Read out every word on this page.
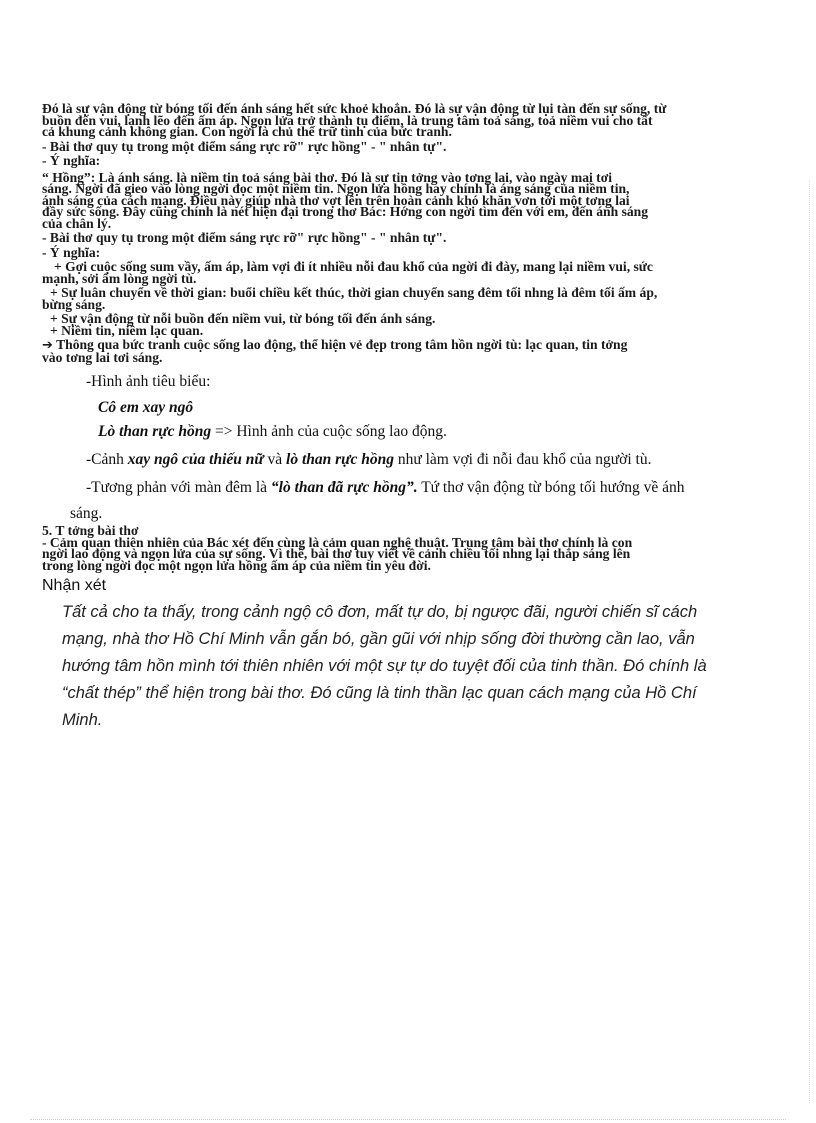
Đó là sự vận động từ bóng tối đến ánh sáng hết sức khoẻ khoắn. Đó là sự vận động từ lụi tàn đến sự sống, từ

buồn đến vui, lạnh lẽo đến ấm áp. Ngọn lửa trở thành tụ điểm, là trung tâm toả sáng, toả niềm vui cho tất

cả khung cảnh không gian. Con ngời là chủ thể trữ tình của bức tranh.

- Bài thơ quy tụ trong một điểm sáng rực rỡ" rực hồng" - " nhân tự".

- Ý nghĩa:

“ Hồng”: Là ánh sáng. là niềm tin toả sáng bài thơ. Đó là sự tin tởng vào tơng lai, vào ngày mai tơi

sáng. Ngời đã gieo vào lòng ngời đọc một niềm tin. Ngọn lửa hồng hay chính là áng sáng của niềm tin,

ánh sáng của cách mạng. Điều này giúp nhà thơ vợt lên trên hoàn cảnh khó khăn vơn tới một tơng lai

đầy sức sống. Đây cũng chính là nét hiện đại trong thơ Bác: Hớng con ngời tìm đến với em, đến ánh sáng

của chân lý.

- Bài thơ quy tụ trong một điểm sáng rực rỡ" rực hồng" - " nhân tự".

- Ý nghĩa:

+ Gợi cuộc sống sum vầy, ấm áp, làm vợi đi ít nhiều nỗi đau khổ của ngời đi đày, mang lại niềm vui, sức

mạnh, sởi ấm lòng ngời tù.

+ Sự luân chuyển về thời gian: buổi chiều kết thúc, thời gian chuyển sang đêm tối nhng là đêm tối ấm áp,

bừng sáng.

+ Sự vận động từ nỗi buồn đến niềm vui, từ bóng tối đến ánh sáng.

+ Niềm tin, niềm lạc quan.

➔ Thông qua bức tranh cuộc sống lao động, thể hiện vẻ đẹp trong tâm hồn ngời tù: lạc quan, tin tởng

vào tơng lai tơi sáng.

-Hình ảnh tiêu biểu:

Cô em xay ngô

Lò than rực hồng => Hình ảnh của cuộc sống lao động.

-Cảnh xay ngô của thiếu nữ và lò than rực hồng như làm vợi đi nỗi đau khổ của người tù.

-Tương phản với màn đêm là “lò than đã rực hồng”. Tứ thơ vận động từ bóng tối hướng về ánh

sáng.

5. T tởng bài thơ

- Cảm quan thiên nhiên của Bác xét đến cùng là cảm quan nghệ thuật. Trung tâm bài thơ chính là con

ngời lao động và ngọn lửa của sự sống. Vì thế, bài thơ tuy viết về cảnh chiều tối nhng lại thắp sáng lên

trong lòng ngời đọc một ngọn lửa hồng ấm áp của niềm tin yêu đời.

Nhận xét
Tất cả cho ta thấy, trong cảnh ngộ cô đơn, mất tự do, bị ngược đãi, người chiến sĩ cách
mạng, nhà thơ Hồ Chí Minh vẫn gắn bó, gần gũi với nhịp sống đời thường cần lao, vẫn
hướng tâm hồn mình tới thiên nhiên với một sự tự do tuyệt đối của tinh thần. Đó chính là
“chất thép” thể hiện trong bài thơ. Đó cũng là tinh thần lạc quan cách mạng của Hồ Chí
Minh.
